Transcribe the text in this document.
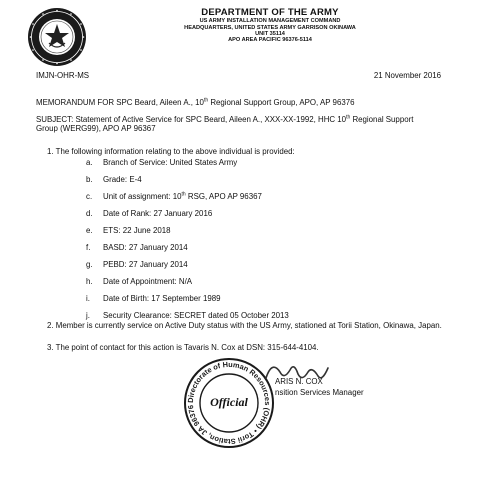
DEPARTMENT OF THE ARMY
US ARMY INSTALLATION MANAGEMENT COMMAND
HEADQUARTERS, UNITED STATES ARMY GARRISON OKINAWA
UNIT 35114
APO AREA PACIFIC 96376-5114
IMJN-OHR-MS	21 November 2016
MEMORANDUM FOR SPC Beard, Aileen A., 10th Regional Support Group, APO, AP 96376
SUBJECT: Statement of Active Service for SPC Beard, Aileen A., XXX-XX-1992, HHC 10th Regional Support Group (WERG99), APO AP 96367
1. The following information relating to the above individual is provided:
a. Branch of Service: United States Army
b. Grade: E-4
c. Unit of assignment: 10th RSG, APO AP 96367
d. Date of Rank: 27 January 2016
e. ETS: 22 June 2018
f. BASD: 27 January 2014
g. PEBD: 27 January 2014
h. Date of Appointment: N/A
i. Date of Birth: 17 September 1989
2. Member is currently service on Active Duty status with the US Army, stationed at Torii Station, Okinawa, Japan.
3. The point of contact for this action is Tavaris N. Cox at DSN: 315-644-4104.
Directorate of Human Resources (OHR) • Torii Station, JA 96376	Official
ARIS N. COX
nsition Services Manager
j. Security Clearance: SECRET dated 05 October 2013
